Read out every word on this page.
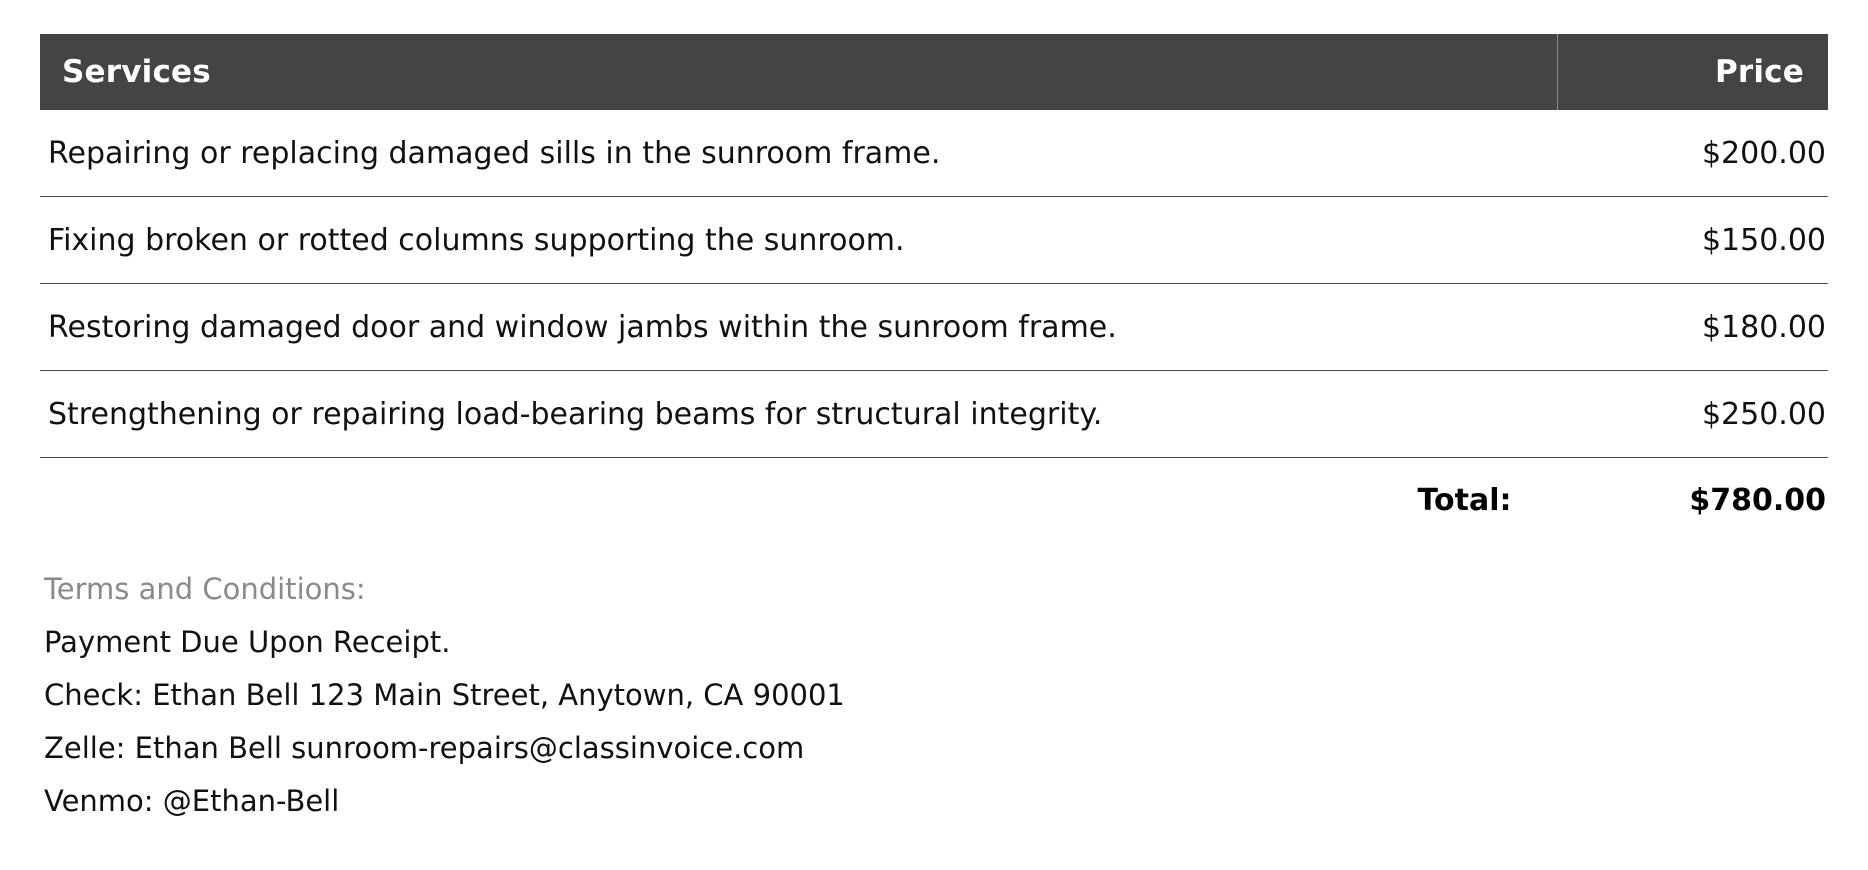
Services	Price
Repairing or replacing damaged sills in the sunroom frame.	$200.00
Fixing broken or rotted columns supporting the sunroom.	$150.00
Restoring damaged door and window jambs within the sunroom frame.	$180.00
Strengthening or repairing load-bearing beams for structural integrity.	$250.00
Total:	$780.00
Terms and Conditions:
Payment Due Upon Receipt.
Check: Ethan Bell 123 Main Street, Anytown, CA 90001
Zelle: Ethan Bell sunroom-repairs@classinvoice.com
Venmo: @Ethan-Bell
